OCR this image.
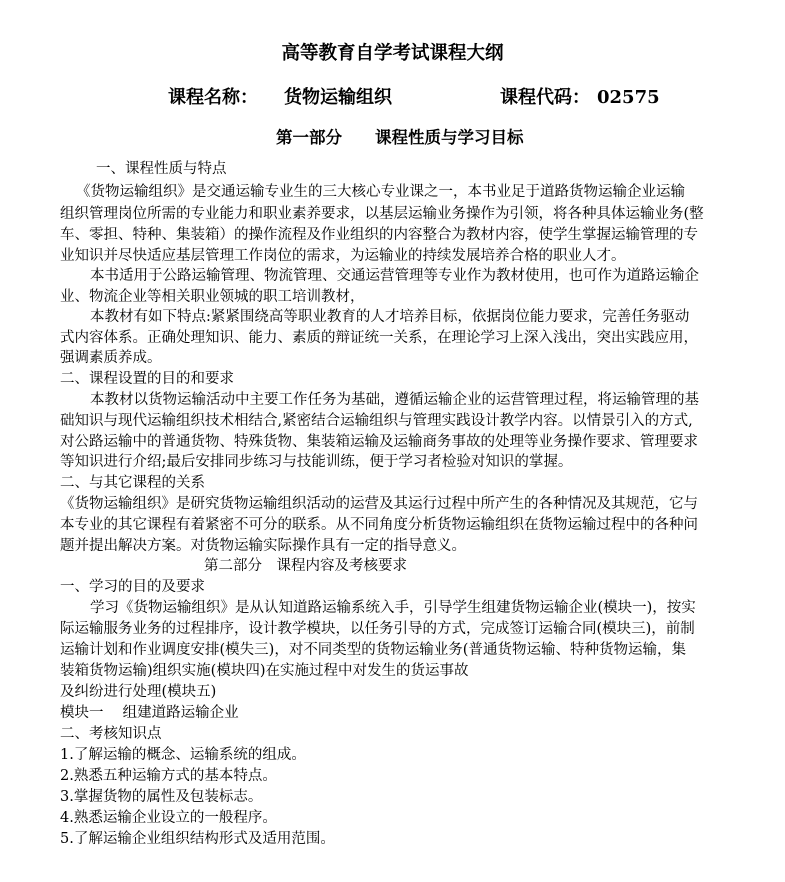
高等教育自学考试课程大纲
课程名称： 货物运输组织	课程代码： 02575
第一部分　　课程性质与学习目标
一、课程性质与特点
《货物运输组织》是交通运输专业生的三大核心专业课之一，本书业足于道路货物运输企业运输
组织管理岗位所需的专业能力和职业素养要求，以基层运输业务操作为引领，将各种具体运输业务(整
车、零担、特种、集装箱）的操作流程及作业组织的内容整合为教材内容，使学生掌握运输管理的专
业知识并尽快适应基层管理工作岗位的需求，为运输业的持续发展培养合格的职业人才。
本书适用于公路运输管理、物流管理、交通运营管理等专业作为教材使用，也可作为道路运输企
业、物流企业等相关职业领城的职工培训教材，
本教材有如下特点:紧紧围绕高等职业教育的人才培养目标，依据岗位能力要求，完善任务驱动
式内容体系。正确处理知识、能力、素质的辩证统一关系，在理论学习上深入浅出，突出实践应用，
强调素质养成。
二、课程设置的目的和要求
本教材以货物运输活动中主要工作任务为基础，遵循运输企业的运营管理过程，将运输管理的基
础知识与现代运输组织技术相结合,紧密结合运输组织与管理实践设计教学内容。以情景引入的方式,
对公路运输中的普通货物、特殊货物、集装箱运输及运输商务事故的处理等业务操作要求、管理要求
等知识进行介绍;最后安排同步练习与技能训练，便于学习者检验对知识的掌握。
二、与其它课程的关系
《货物运输组织》是研究货物运输组织活动的运营及其运行过程中所产生的各种情况及其规范，它与
本专业的其它课程有着紧密不可分的联系。从不同角度分析货物运输组织在货物运输过程中的各种问
题并提出解决方案。对货物运输实际操作具有一定的指导意义。
第二部分　课程内容及考核要求
一、学习的目的及要求
学习《货物运输组织》是从认知道路运输系统入手，引导学生组建货物运输企业(模块一)，按实
际运输服务业务的过程排序，设计教学模块，以任务引导的方式，完成签订运输合同(模块三)，前制
运输计划和作业调度安排(模失三)，对不同类型的货物运输业务(普通货物运输、特种货物运输，集
装箱货物运输)组织实施(模块四)在实施过程中对发生的货运事故
及纠纷进行处理(模块五)
模块一　 组建道路运输企业
二、考核知识点
1.了解运输的概念、运输系统的组成。
2.熟悉五种运输方式的基本特点。
3.掌握货物的属性及包装标志。
4.熟悉运输企业设立的一般程序。
5.了解运输企业组织结构形式及适用范围。
